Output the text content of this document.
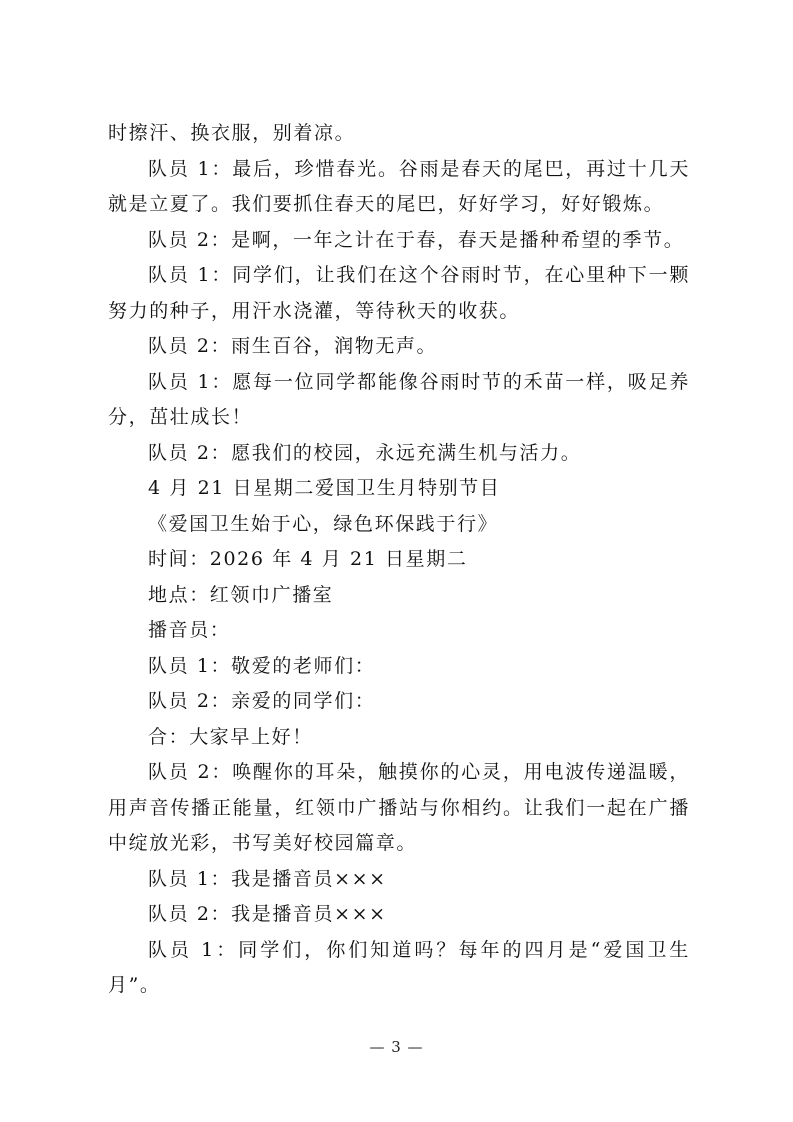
时擦汗、换衣服，别着凉。

队员 1：最后，珍惜春光。谷雨是春天的尾巴，再过十几天就是立夏了。我们要抓住春天的尾巴，好好学习，好好锻炼。

队员 2：是啊，一年之计在于春，春天是播种希望的季节。

队员 1：同学们，让我们在这个谷雨时节，在心里种下一颗努力的种子，用汗水浇灌，等待秋天的收获。

队员 2：雨生百谷，润物无声。

队员 1：愿每一位同学都能像谷雨时节的禾苗一样，吸足养分，茁壮成长！

队员 2：愿我们的校园，永远充满生机与活力。

4 月 21 日星期二爱国卫生月特别节目

《爱国卫生始于心，绿色环保践于行》

时间：2026 年 4 月 21 日星期二

地点：红领巾广播室

播音员：

队员 1：敬爱的老师们：

队员 2：亲爱的同学们：

合：大家早上好！

队员 2：唤醒你的耳朵，触摸你的心灵，用电波传递温暖，用声音传播正能量，红领巾广播站与你相约。让我们一起在广播中绽放光彩，书写美好校园篇章。

队员 1：我是播音员×××

队员 2：我是播音员×××

队员 1：同学们，你们知道吗？每年的四月是“爱国卫生月”。

— 3 —
